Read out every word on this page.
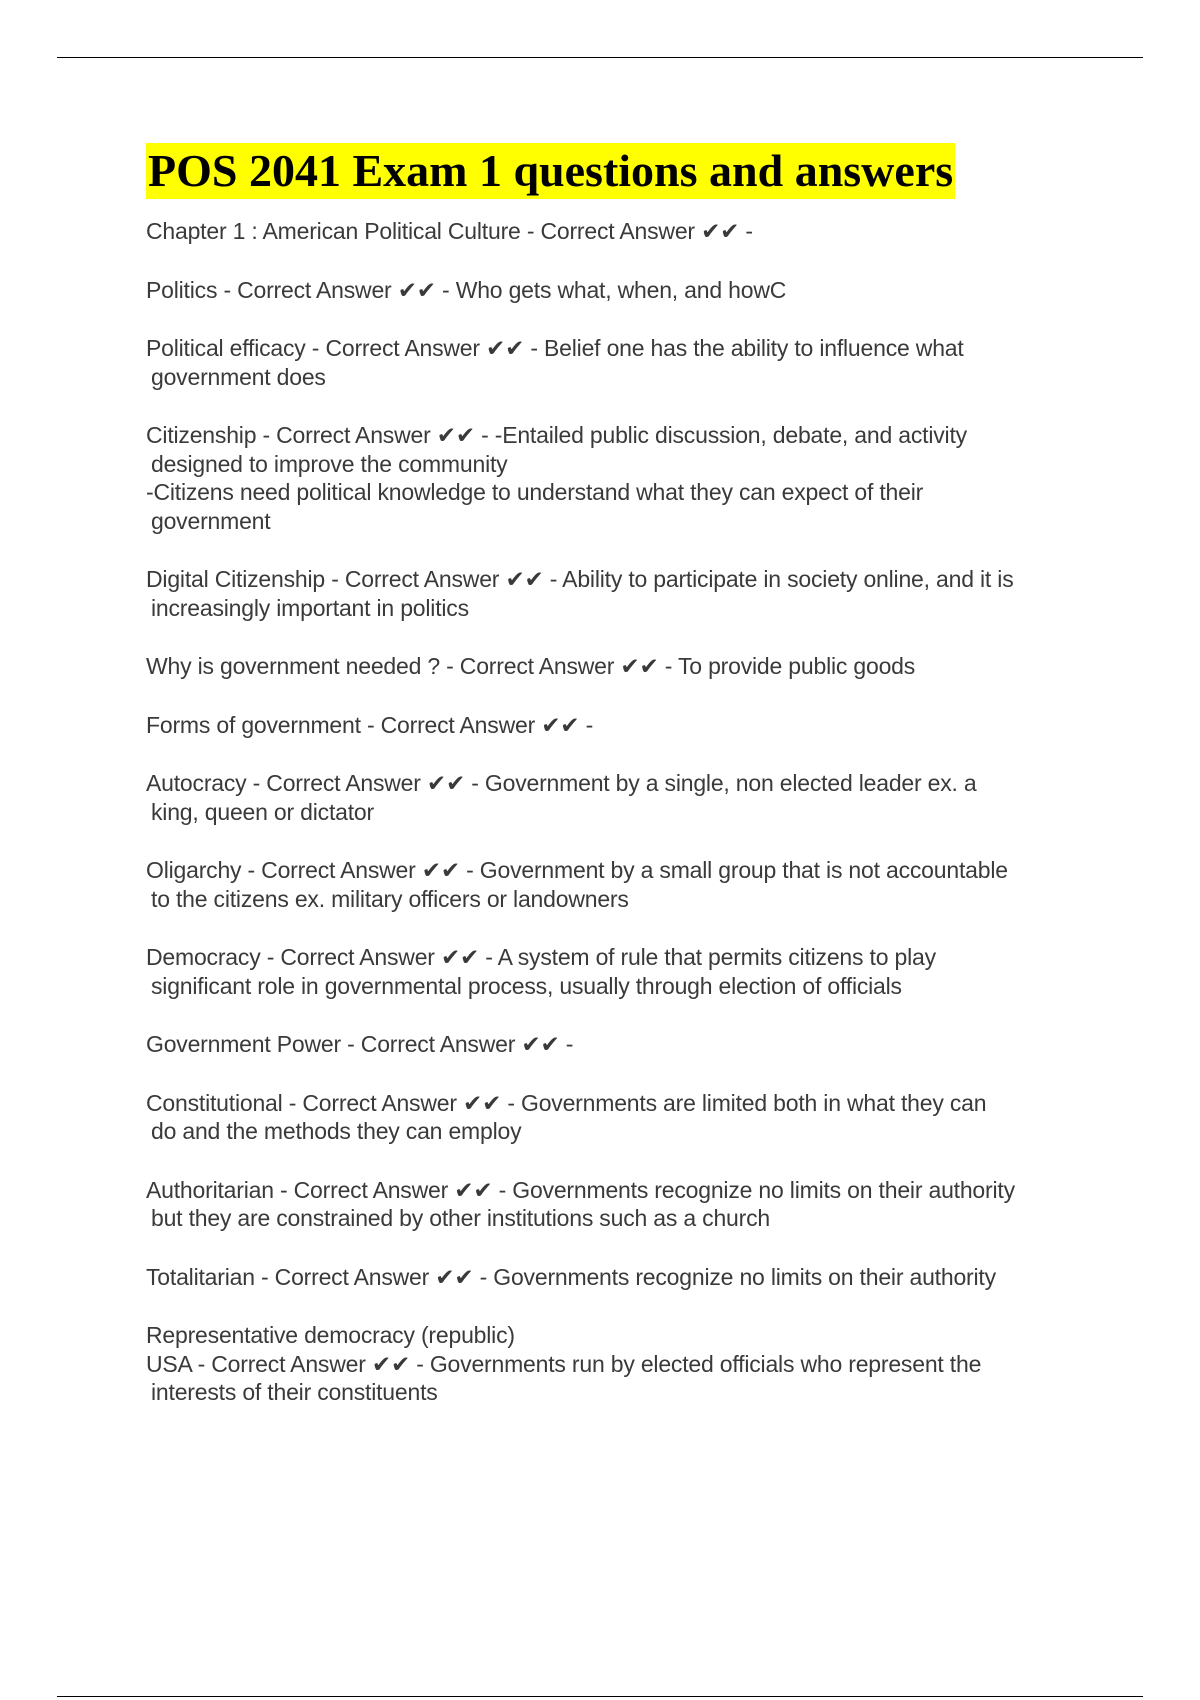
POS 2041 Exam 1 questions and answers

Chapter 1 : American Political Culture - Correct Answer ✔✔ -

Politics - Correct Answer ✔✔ - Who gets what, when, and howC

Political efficacy - Correct Answer ✔✔ - Belief one has the ability to influence what
government does

Citizenship - Correct Answer ✔✔ - -Entailed public discussion, debate, and activity
designed to improve the community
-Citizens need political knowledge to understand what they can expect of their
government

Digital Citizenship - Correct Answer ✔✔ - Ability to participate in society online, and it is
increasingly important in politics

Why is government needed ? - Correct Answer ✔✔ - To provide public goods

Forms of government - Correct Answer ✔✔ -

Autocracy - Correct Answer ✔✔ - Government by a single, non elected leader ex. a
king, queen or dictator

Oligarchy - Correct Answer ✔✔ - Government by a small group that is not accountable
to the citizens ex. military officers or landowners

Democracy - Correct Answer ✔✔ - A system of rule that permits citizens to play
significant role in governmental process, usually through election of officials

Government Power - Correct Answer ✔✔ -

Constitutional - Correct Answer ✔✔ - Governments are limited both in what they can
do and the methods they can employ

Authoritarian - Correct Answer ✔✔ - Governments recognize no limits on their authority
but they are constrained by other institutions such as a church

Totalitarian - Correct Answer ✔✔ - Governments recognize no limits on their authority

Representative democracy (republic)
USA - Correct Answer ✔✔ - Governments run by elected officials who represent the
interests of their constituents
